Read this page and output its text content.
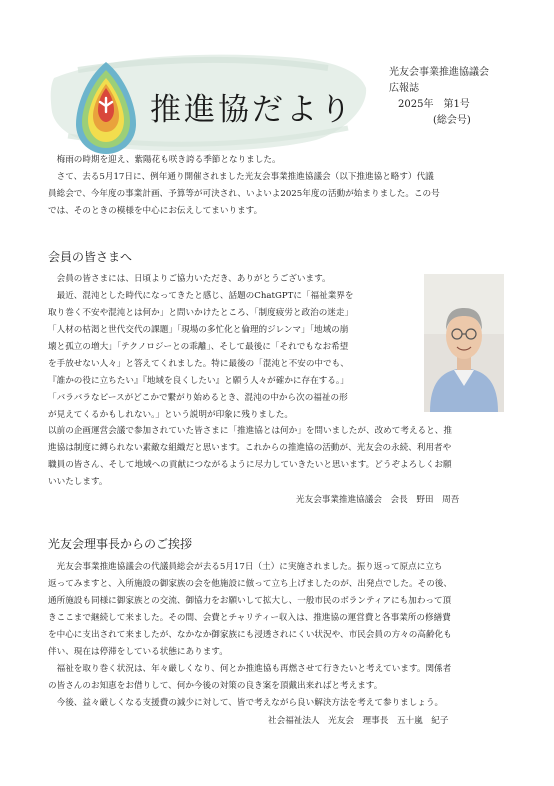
推進協だより
光友会事業推進協議会
広報誌
2025年　第1号
(総会号)

梅雨の時期を迎え、紫陽花も咲き誇る季節となりました。

さて、去る5月17日に、例年通り開催されました光友会事業推進協議会（以下推進協と略す）代議

員総会で、今年度の事業計画、予算等が可決され、いよいよ2025年度の活動が始まりました。この号

では、そのときの模様を中心にお伝えしてまいります。

会員の皆さまへ

会員の皆さまには、日頃よりご協力いただき、ありがとうございます。

最近、混沌とした時代になってきたと感じ、話題のChatGPTに「福祉業界を

取り巻く不安や混沌とは何か」と問いかけたところ、「制度疲労と政治の迷走」

「人材の枯渇と世代交代の課題」「現場の多忙化と倫理的ジレンマ」「地域の崩

壊と孤立の増大」「テクノロジーとの乖離」、そして最後に「それでもなお希望

を手放せない人々」と答えてくれました。特に最後の「混沌と不安の中でも、

『誰かの役に立ちたい』『地域を良くしたい』と願う人々が確かに存在する。」

「バラバラなピースがどこかで繋がり始めるとき、混沌の中から次の福祉の形

が見えてくるかもしれない。」という説明が印象に残りました。

以前の企画運営会議で参加されていた皆さまに「推進協とは何か」を問いましたが、改めて考えると、推

進協は制度に縛られない素敵な組織だと思います。これからの推進協の活動が、光友会の永続、利用者や

職員の皆さん、そして地域への貢献につながるように尽力していきたいと思います。どうぞよろしくお願

いいたします。

光友会事業推進協議会　会長　野田　周吾
光友会理事長からのご挨拶

光友会事業推進協議会の代議員総会が去る5月17日（土）に実施されました。振り返って原点に立ち

返ってみますと、入所施設の御家族の会を他施設に倣って立ち上げましたのが、出発点でした。その後、

通所施設も同様に御家族との交流、御協力をお願いして拡大し、一般市民のボランティアにも加わって頂

きここまで継続して来ました。その間、会費とチャリティー収入は、推進協の運営費と各事業所の修繕費

を中心に支出されて来ましたが、なかなか御家族にも浸透されにくい状況や、市民会員の方々の高齢化も

伴い、現在は停滞をしている状態にあります。

福祉を取り巻く状況は、年々厳しくなり、何とか推進協も再燃させて行きたいと考えています。関係者

の皆さんのお知恵をお借りして、何か今後の対策の良き案を頂戴出来ればと考えます。

今後、益々厳しくなる支援費の減少に対して、皆で考えながら良い解決方法を考えて参りましょう。

社会福祉法人　光友会　理事長　五十嵐　紀子
